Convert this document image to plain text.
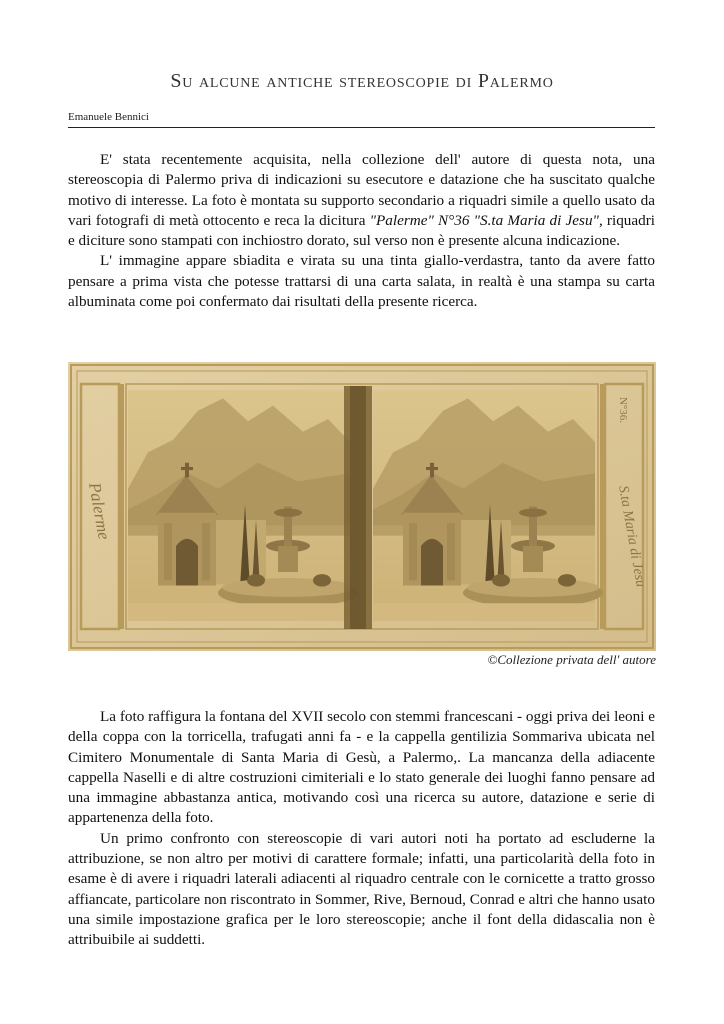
Su alcune antiche stereoscopie di Palermo
Emanuele Bennici

E' stata recentemente acquisita, nella collezione dell' autore di questa nota, una stereoscopia di Palermo priva di indicazioni su esecutore e datazione che ha suscitato qualche motivo di interesse. La foto è montata su supporto secondario a riquadri simile a quello usato da vari fotografi di metà ottocento e reca la dicitura "Palerme" N°36 "S.ta Maria di Jesu", riquadri e diciture sono stampati con inchiostro dorato, sul verso non è presente alcuna indicazione.

L' immagine appare sbiadita e virata su una tinta giallo-verdastra, tanto da avere fatto pensare a prima vista che potesse trattarsi di una carta salata, in realtà è una stampa su carta albuminata come poi confermato dai risultati della presente ricerca.

Palerme
N°36.
S.ta Maria di Jesu
©Collezione privata dell' autore

La foto raffigura la fontana del XVII secolo con stemmi francescani - oggi priva dei leoni e della coppa con la torricella, trafugati anni fa - e la cappella gentilizia Sommariva ubicata nel Cimitero Monumentale di Santa Maria di Gesù, a Palermo,. La mancanza della adiacente cappella Naselli e di altre costruzioni cimiteriali e lo stato generale dei luoghi fanno pensare ad una immagine abbastanza antica, motivando così una ricerca su autore, datazione e serie di appartenenza della foto.

Un primo confronto con stereoscopie di vari autori noti ha portato ad escluderne la attribuzione, se non altro per motivi di carattere formale; infatti, una particolarità della foto in esame è di avere i riquadri laterali adiacenti al riquadro centrale con le cornicette a tratto grosso affiancate, particolare non riscontrato in Sommer, Rive, Bernoud, Conrad e altri che hanno usato una simile impostazione grafica per le loro stereoscopie; anche il font della didascalia non è attribuibile ai suddetti.
